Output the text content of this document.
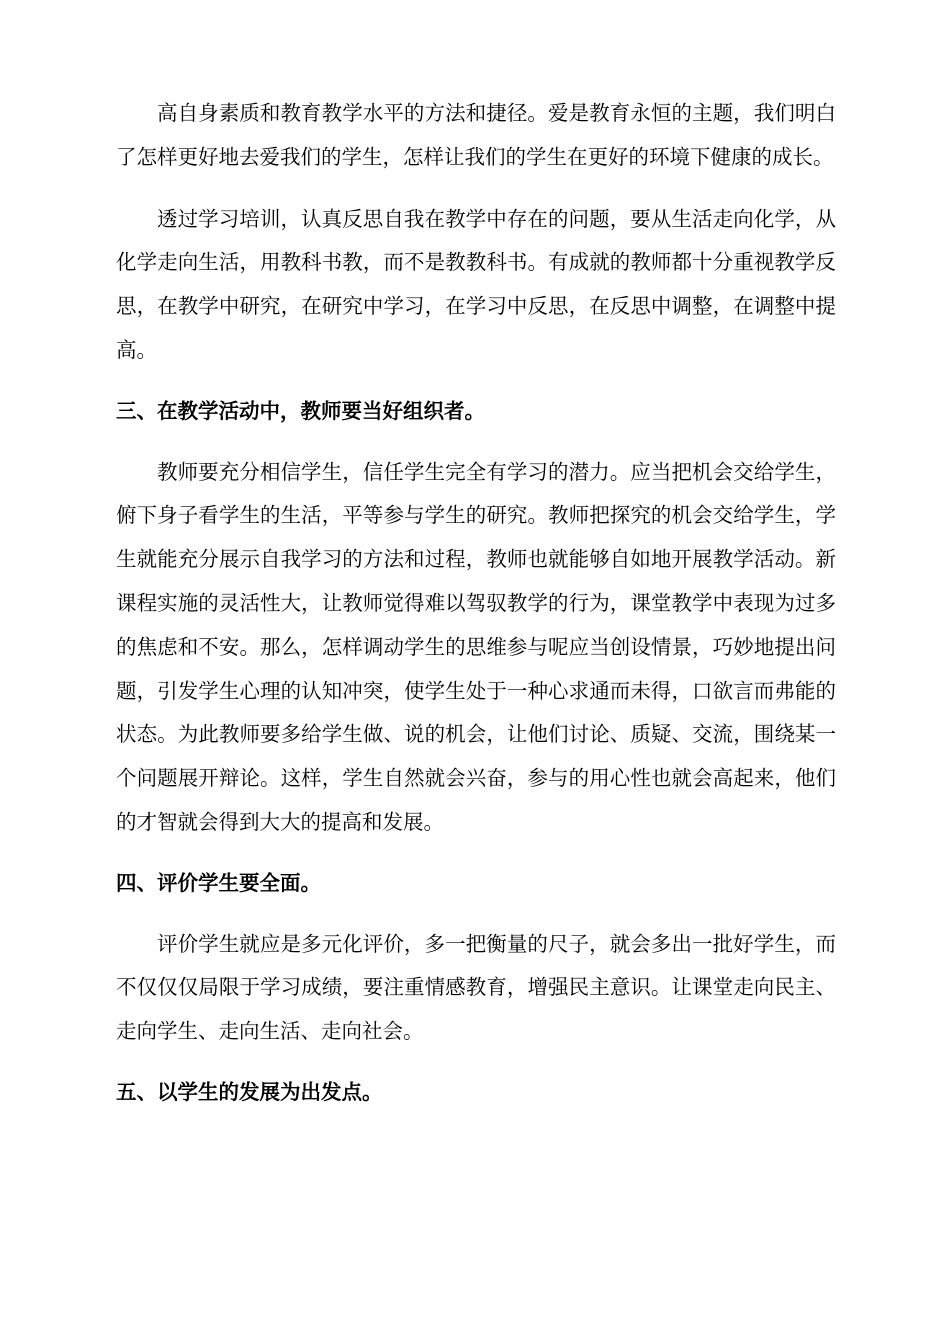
高自身素质和教育教学水平的方法和捷径。爱是教育永恒的主题，我们明白了怎样更好地去爱我们的学生，怎样让我们的学生在更好的环境下健康的成长。

透过学习培训，认真反思自我在教学中存在的问题，要从生活走向化学，从化学走向生活，用教科书教，而不是教教科书。有成就的教师都十分重视教学反思，在教学中研究，在研究中学习，在学习中反思，在反思中调整，在调整中提高。

三、在教学活动中，教师要当好组织者。

教师要充分相信学生，信任学生完全有学习的潜力。应当把机会交给学生，俯下身子看学生的生活，平等参与学生的研究。教师把探究的机会交给学生，学生就能充分展示自我学习的方法和过程，教师也就能够自如地开展教学活动。新课程实施的灵活性大，让教师觉得难以驾驭教学的行为，课堂教学中表现为过多的焦虑和不安。那么，怎样调动学生的思维参与呢应当创设情景，巧妙地提出问题，引发学生心理的认知冲突，使学生处于一种心求通而未得，口欲言而弗能的状态。为此教师要多给学生做、说的机会，让他们讨论、质疑、交流，围绕某一个问题展开辩论。这样，学生自然就会兴奋，参与的用心性也就会高起来，他们的才智就会得到大大的提高和发展。

四、评价学生要全面。

评价学生就应是多元化评价，多一把衡量的尺子，就会多出一批好学生，而不仅仅仅局限于学习成绩，要注重情感教育，增强民主意识。让课堂走向民主、走向学生、走向生活、走向社会。

五、以学生的发展为出发点。
